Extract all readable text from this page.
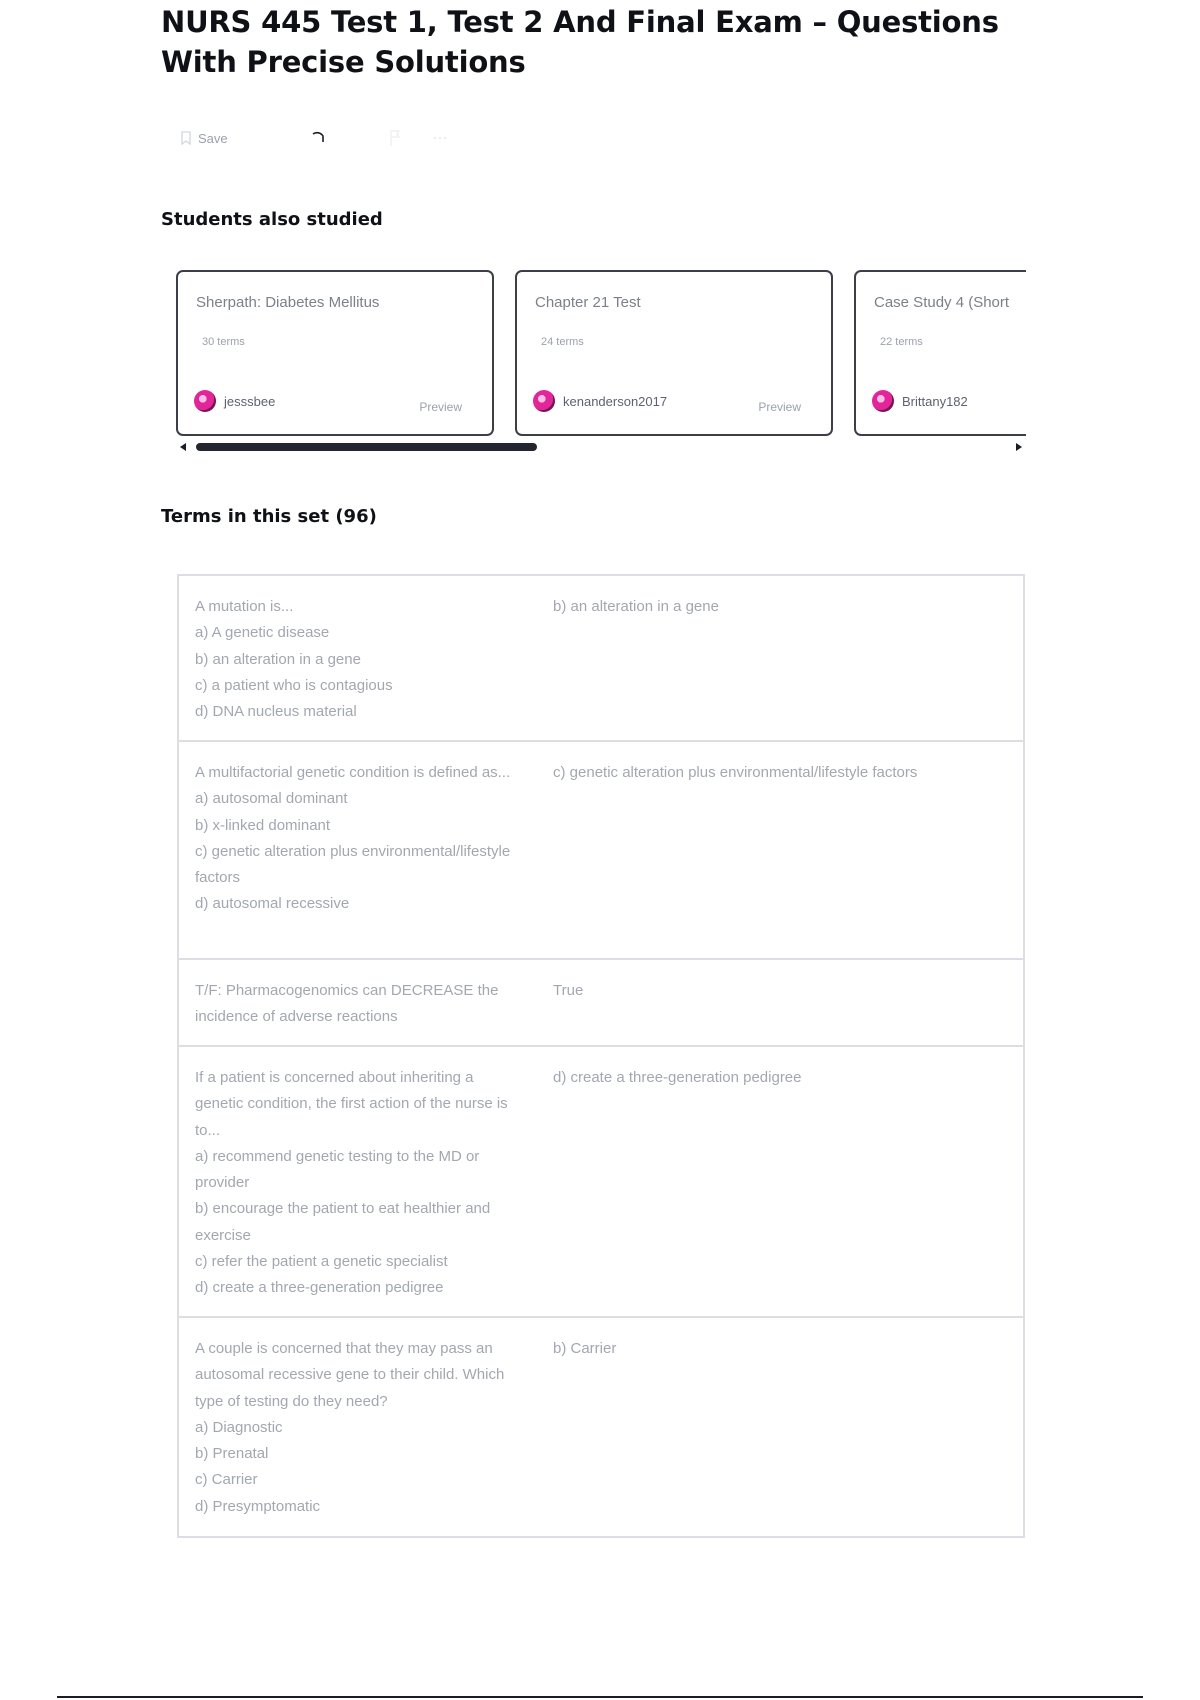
NURS 445 Test 1, Test 2 And Final Exam – Questions With Precise Solutions
Save
Students also studied
Sherpath: Diabetes Mellitus
30 terms
jesssbee	Preview
Chapter 21 Test
24 terms
kenanderson2017	Preview
Case Study 4 (Short
22 terms
Brittany182
Terms in this set (96)
A mutation is...
a) A genetic disease
b) an alteration in a gene
c) a patient who is contagious
d) DNA nucleus material
b) an alteration in a gene
A multifactorial genetic condition is defined as...
a) autosomal dominant
b) x-linked dominant
c) genetic alteration plus environmental/lifestyle factors
d) autosomal recessive
c) genetic alteration plus environmental/lifestyle factors
T/F: Pharmacogenomics can DECREASE the incidence of adverse reactions
True
If a patient is concerned about inheriting a genetic condition, the first action of the nurse is to...
a) recommend genetic testing to the MD or provider
b) encourage the patient to eat healthier and exercise
c) refer the patient a genetic specialist
d) create a three-generation pedigree
d) create a three-generation pedigree
A couple is concerned that they may pass an autosomal recessive gene to their child. Which type of testing do they need?
a) Diagnostic
b) Prenatal
c) Carrier
d) Presymptomatic
b) Carrier
